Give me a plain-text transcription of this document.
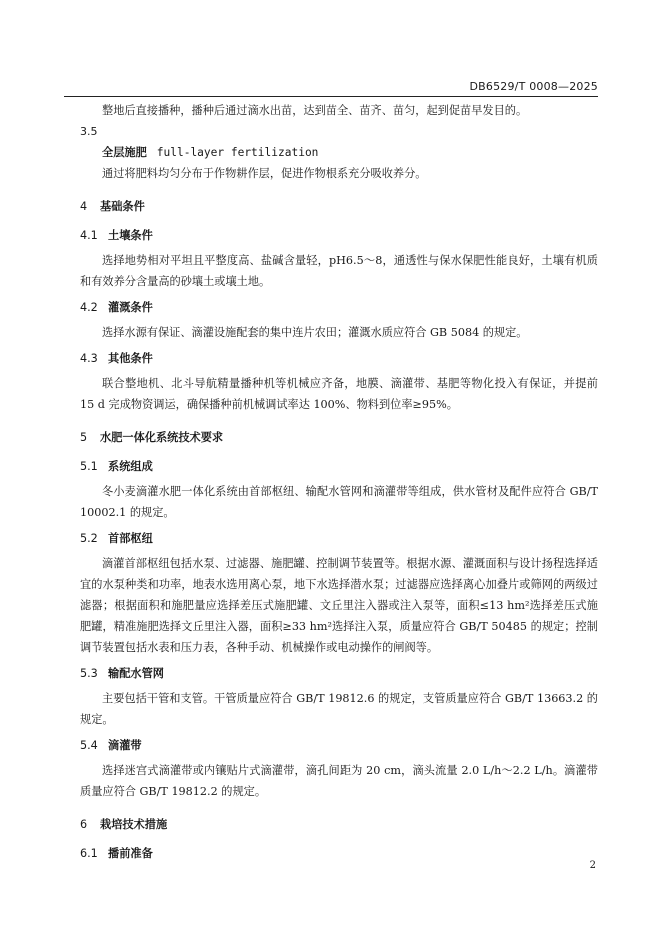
DB6529/T 0008—2025

整地后直接播种，播种后通过滴水出苗，达到苗全、苗齐、苗匀，起到促苗早发目的。

3.5
全层施肥 full-layer fertilization

通过将肥料均匀分布于作物耕作层，促进作物根系充分吸收养分。

4 基础条件
4.1 土壤条件

选择地势相对平坦且平整度高、盐碱含量轻，pH6.5～8，通透性与保水保肥性能良好，土壤有机质和有效养分含量高的砂壤土或壤土地。

4.2 灌溉条件

选择水源有保证、滴灌设施配套的集中连片农田；灌溉水质应符合 GB 5084 的规定。

4.3 其他条件

联合整地机、北斗导航精量播种机等机械应齐备，地膜、滴灌带、基肥等物化投入有保证，并提前 15 d 完成物资调运，确保播种前机械调试率达 100%、物料到位率≥95%。

5 水肥一体化系统技术要求
5.1 系统组成

冬小麦滴灌水肥一体化系统由首部枢纽、输配水管网和滴灌带等组成，供水管材及配件应符合 GB/T 10002.1 的规定。

5.2 首部枢纽

滴灌首部枢纽包括水泵、过滤器、施肥罐、控制调节装置等。根据水源、灌溉面积与设计扬程选择适宜的水泵种类和功率，地表水选用离心泵，地下水选择潜水泵；过滤器应选择离心加叠片或筛网的两级过滤器；根据面积和施肥量应选择差压式施肥罐、文丘里注入器或注入泵等，面积≤13 hm²选择差压式施肥罐，精准施肥选择文丘里注入器，面积≥33 hm²选择注入泵，质量应符合 GB/T 50485 的规定；控制调节装置包括水表和压力表，各种手动、机械操作或电动操作的闸阀等。

5.3 输配水管网

主要包括干管和支管。干管质量应符合 GB/T 19812.6 的规定，支管质量应符合 GB/T 13663.2 的规定。

5.4 滴灌带

选择迷宫式滴灌带或内镶贴片式滴灌带，滴孔间距为 20 cm，滴头流量 2.0 L/h～2.2 L/h。滴灌带质量应符合 GB/T 19812.2 的规定。

6 栽培技术措施
6.1 播前准备
2
